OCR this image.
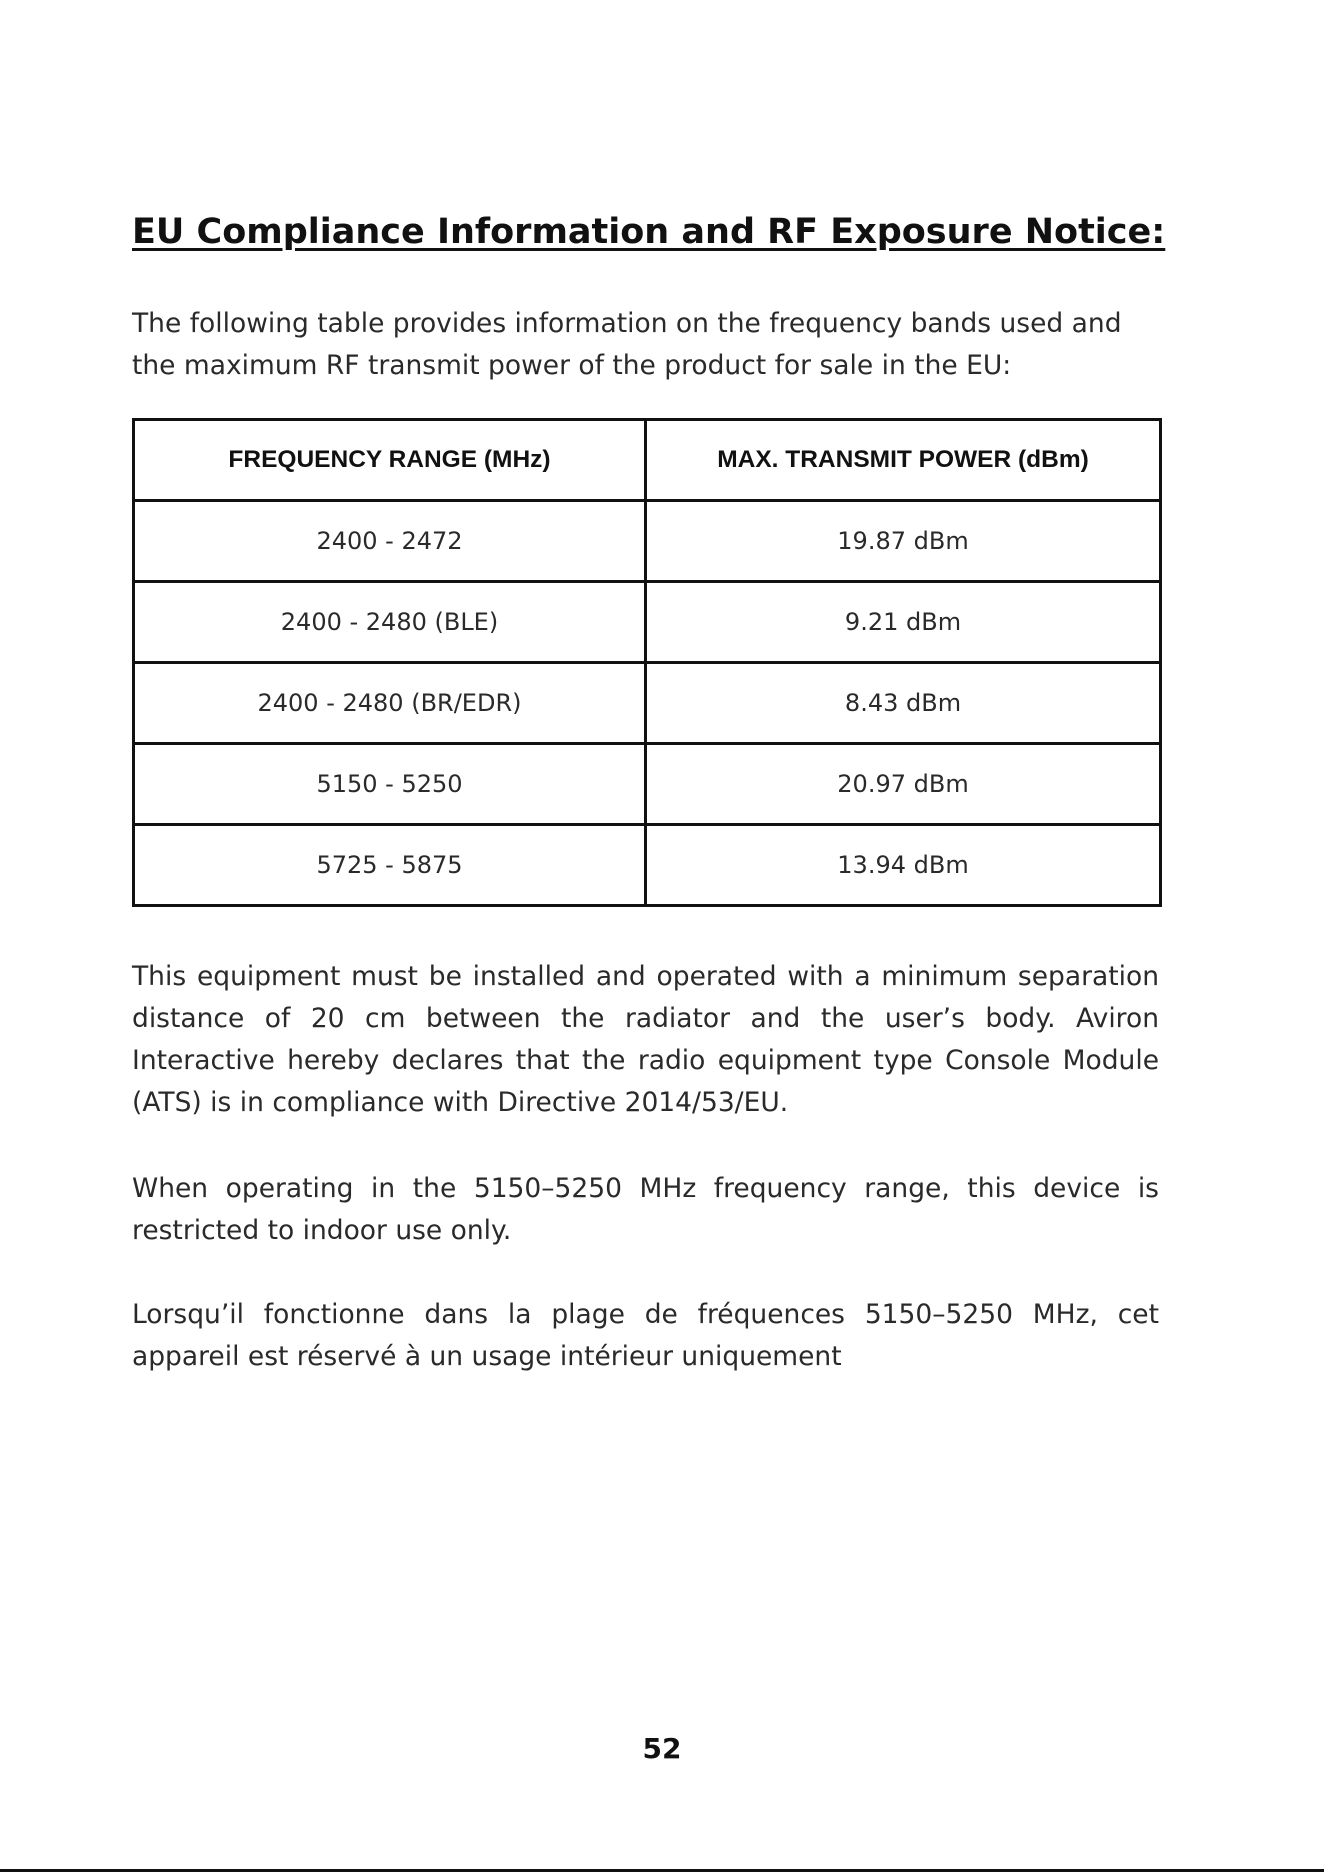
EU Compliance Information and RF Exposure Notice:

The following table provides information on the frequency bands used and the maximum RF transmit power of the product for sale in the EU:

FREQUENCY RANGE (MHz)	MAX. TRANSMIT POWER (dBm)
2400 - 2472	19.87 dBm
2400 - 2480 (BLE)	9.21 dBm
2400 - 2480 (BR/EDR)	8.43 dBm
5150 - 5250	20.97 dBm
5725 - 5875	13.94 dBm

This equipment must be installed and operated with a minimum separation distance of 20 cm between the radiator and the user’s body. Aviron Interactive hereby declares that the radio equipment type Console Module (ATS) is in compliance with Directive 2014/53/EU.

When operating in the 5150–5250 MHz frequency range, this device is restricted to indoor use only.

Lorsqu’il fonctionne dans la plage de fréquences 5150–5250 MHz, cet appareil est réservé à un usage intérieur uniquement

52
